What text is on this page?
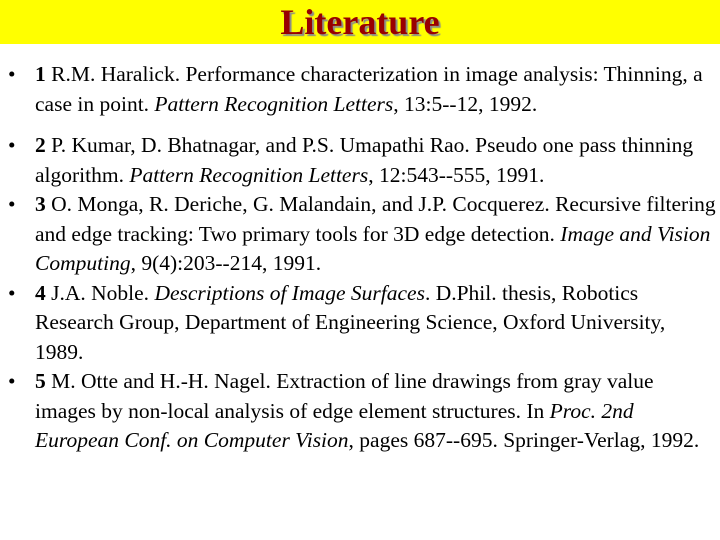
Literature
• 1 R.M. Haralick. Performance characterization in image analysis: Thinning, a case in point. Pattern Recognition Letters, 13:5--12, 1992.
• 2 P. Kumar, D. Bhatnagar, and P.S. Umapathi Rao. Pseudo one pass thinning algorithm. Pattern Recognition Letters, 12:543--555, 1991.
• 3 O. Monga, R. Deriche, G. Malandain, and J.P. Cocquerez. Recursive filtering and edge tracking: Two primary tools for 3D edge detection. Image and Vision Computing, 9(4):203--214, 1991.
• 4 J.A. Noble. Descriptions of Image Surfaces. D.Phil. thesis, Robotics Research Group, Department of Engineering Science, Oxford University, 1989.
• 5 M. Otte and H.-H. Nagel. Extraction of line drawings from gray value images by non-local analysis of edge element structures. In Proc. 2nd European Conf. on Computer Vision, pages 687--695. Springer-Verlag, 1992.
